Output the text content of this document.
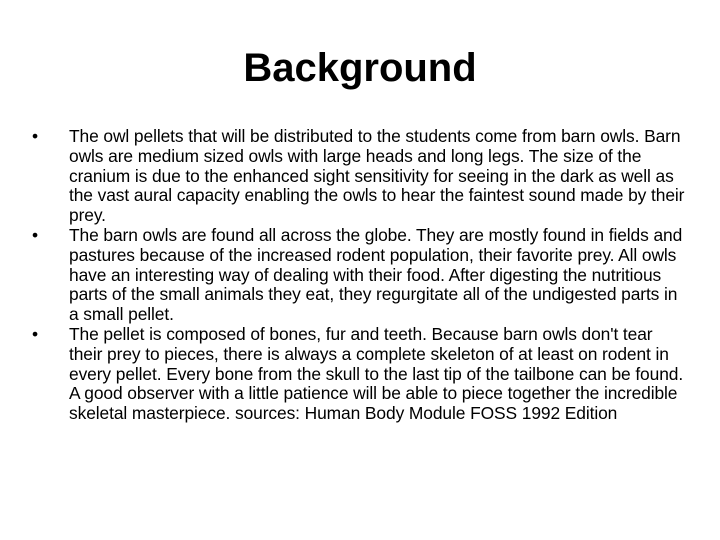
Background
• The owl pellets that will be distributed to the students come from barn owls. Barn owls are medium sized owls with large heads and long legs. The size of the cranium is due to the enhanced sight sensitivity for seeing in the dark as well as the vast aural capacity enabling the owls to hear the faintest sound made by their prey.
• The barn owls are found all across the globe. They are mostly found in fields and pastures because of the increased rodent population, their favorite prey. All owls have an interesting way of dealing with their food. After digesting the nutritious parts of the small animals they eat, they regurgitate all of the undigested parts in a small pellet.
• The pellet is composed of bones, fur and teeth. Because barn owls don't tear their prey to pieces, there is always a complete skeleton of at least on rodent in every pellet. Every bone from the skull to the last tip of the tailbone can be found. A good observer with a little patience will be able to piece together the incredible skeletal masterpiece. sources: Human Body Module FOSS 1992 Edition
